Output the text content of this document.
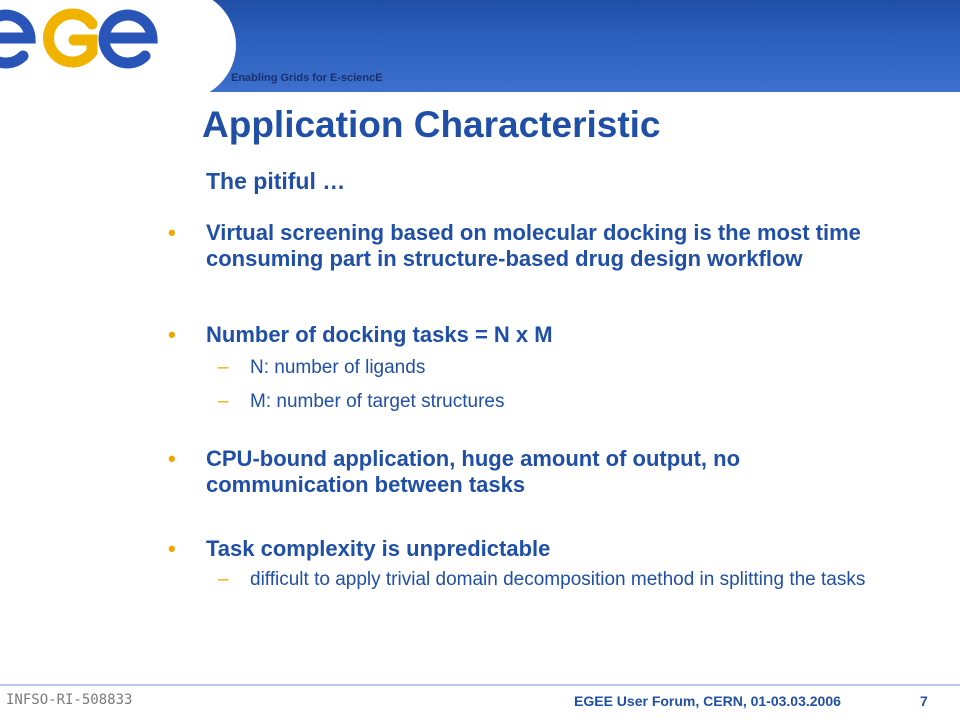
Enabling Grids for E-sciencE
Application Characteristic
The pitiful …
• Virtual screening based on molecular docking is the most time consuming part in structure-based drug design workflow
• Number of docking tasks = N x M
– N: number of ligands
– M: number of target structures
• CPU-bound application, huge amount of output, no communication between tasks
• Task complexity is unpredictable
– difficult to apply trivial domain decomposition method in splitting the tasks
INFSO-RI-508833	EGEE User Forum, CERN, 01-03.03.2006	7
